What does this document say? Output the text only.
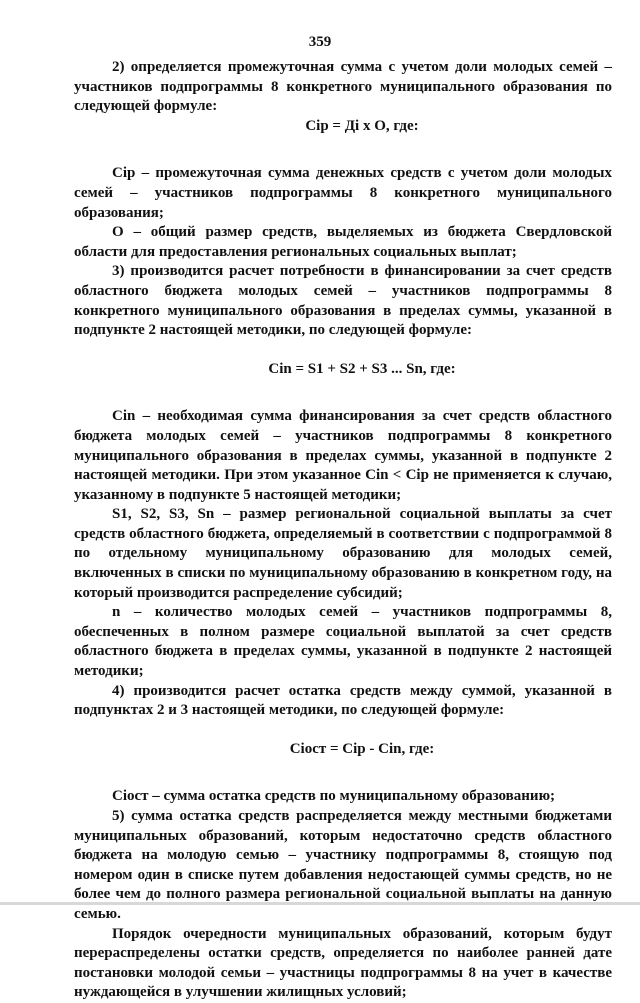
359

2) определяется промежуточная сумма с учетом доли молодых семей – участников подпрограммы 8 конкретного муниципального образования по следующей формуле:

Сip = Дi x О, где:

Сip – промежуточная сумма денежных средств с учетом доли молодых семей – участников подпрограммы 8 конкретного муниципального образования;

О – общий размер средств, выделяемых из бюджета Свердловской области для предоставления региональных социальных выплат;

3) производится расчет потребности в финансировании за счет средств областного бюджета молодых семей – участников подпрограммы 8 конкретного муниципального образования в пределах суммы, указанной в подпункте 2 настоящей методики, по следующей формуле:

Сin = S1 + S2 + S3 ... Sn, где:

Сin – необходимая сумма финансирования за счет средств областного бюджета молодых семей – участников подпрограммы 8 конкретного муниципального образования в пределах суммы, указанной в подпункте 2 настоящей методики. При этом указанное Сin < Сip не применяется к случаю, указанному в подпункте 5 настоящей методики;

S1, S2, S3, Sn – размер региональной социальной выплаты за счет средств областного бюджета, определяемый в соответствии с подпрограммой 8 по отдельному муниципальному образованию для молодых семей, включенных в списки по муниципальному образованию в конкретном году, на который производится распределение субсидий;

n – количество молодых семей – участников подпрограммы 8, обеспеченных в полном размере социальной выплатой за счет средств областного бюджета в пределах суммы, указанной в подпункте 2 настоящей методики;

4) производится расчет остатка средств между суммой, указанной в подпунктах 2 и 3 настоящей методики, по следующей формуле:

Сiост = Сip - Сin, где:

Сiост – сумма остатка средств по муниципальному образованию;

5) сумма остатка средств распределяется между местными бюджетами муниципальных образований, которым недостаточно средств областного бюджета на молодую семью – участнику подпрограммы 8, стоящую под номером один в списке путем добавления недостающей суммы средств, но не более чем до полного размера региональной социальной выплаты на данную семью.

Порядок очередности муниципальных образований, которым будут перераспределены остатки средств, определяется по наиболее ранней дате постановки молодой семьи – участницы подпрограммы 8 на учет в качестве нуждающейся в улучшении жилищных условий;
